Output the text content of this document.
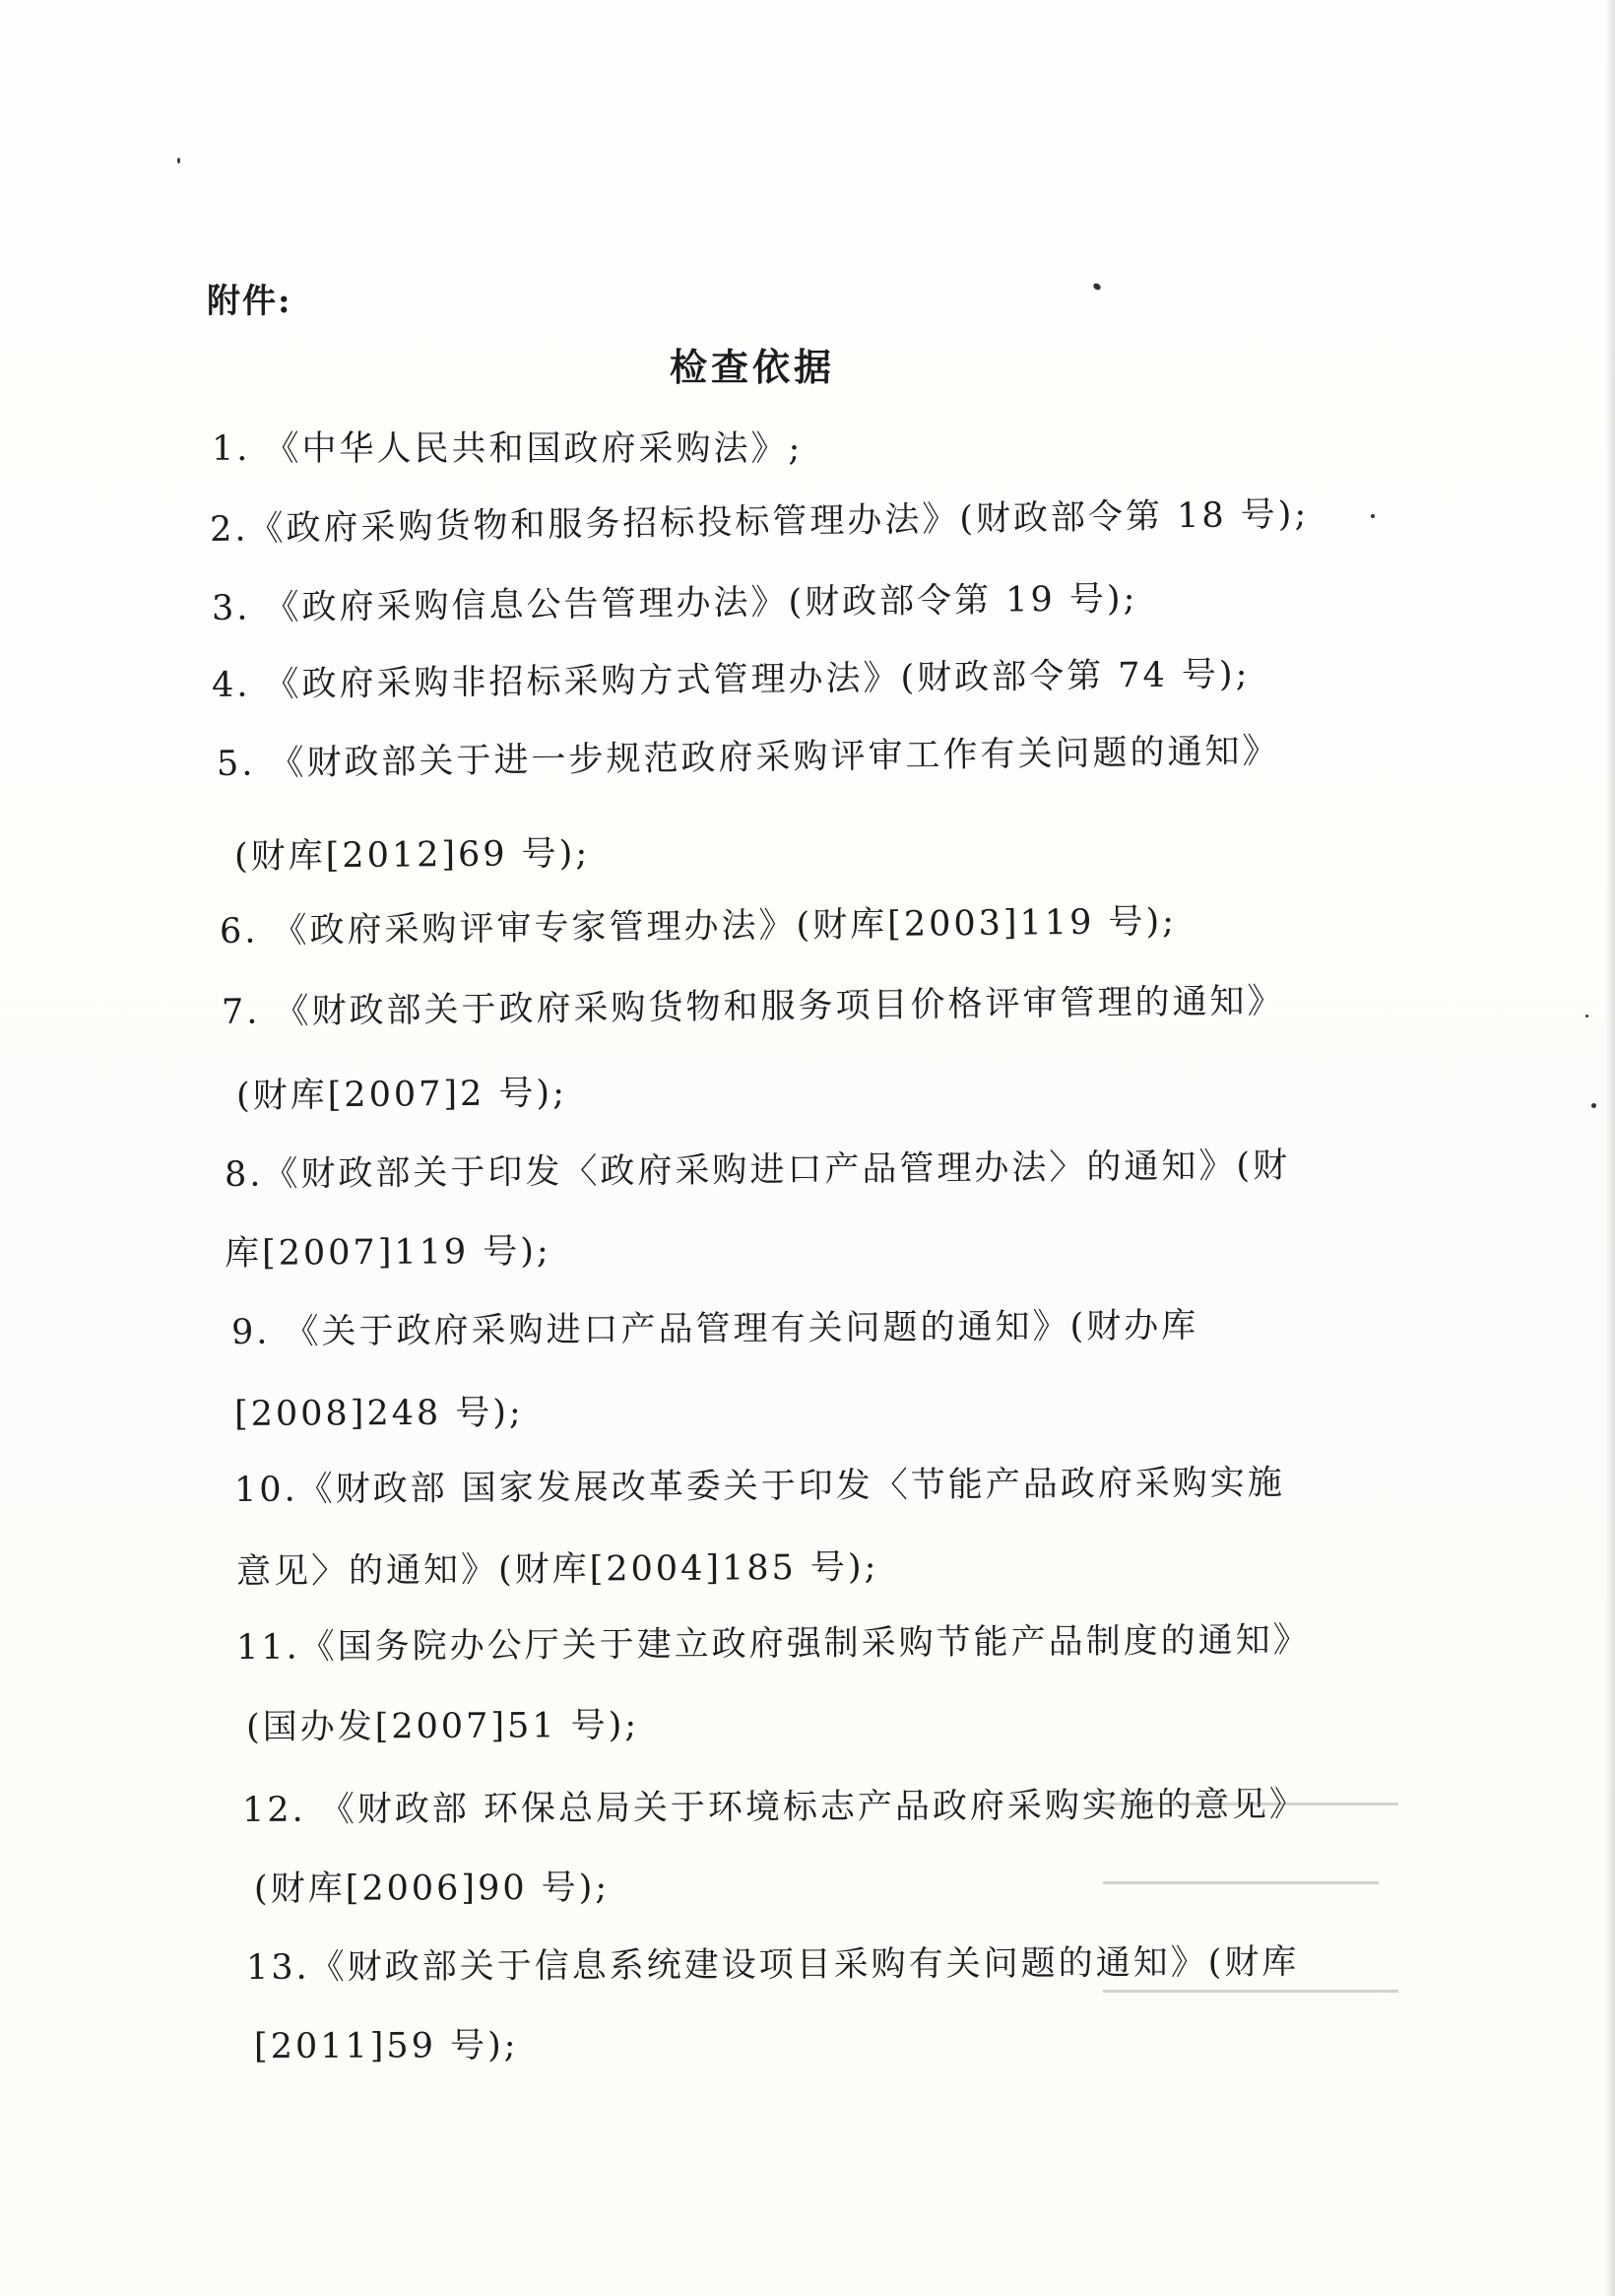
附件:
检查依据
1. 《中华人民共和国政府采购法》;
2.《政府采购货物和服务招标投标管理办法》(财政部令第 18 号);
3. 《政府采购信息公告管理办法》(财政部令第 19 号);
4. 《政府采购非招标采购方式管理办法》(财政部令第 74 号);
5. 《财政部关于进一步规范政府采购评审工作有关问题的通知》
(财库[2012]69 号);
6. 《政府采购评审专家管理办法》(财库[2003]119 号);
7. 《财政部关于政府采购货物和服务项目价格评审管理的通知》
(财库[2007]2 号);
8.《财政部关于印发〈政府采购进口产品管理办法〉的通知》(财
库[2007]119 号);
9. 《关于政府采购进口产品管理有关问题的通知》(财办库
[2008]248 号);
10.《财政部 国家发展改革委关于印发〈节能产品政府采购实施
意见〉的通知》(财库[2004]185 号);
11.《国务院办公厅关于建立政府强制采购节能产品制度的通知》
(国办发[2007]51 号);
12. 《财政部 环保总局关于环境标志产品政府采购实施的意见》
(财库[2006]90 号);
13.《财政部关于信息系统建设项目采购有关问题的通知》(财库
[2011]59 号);
